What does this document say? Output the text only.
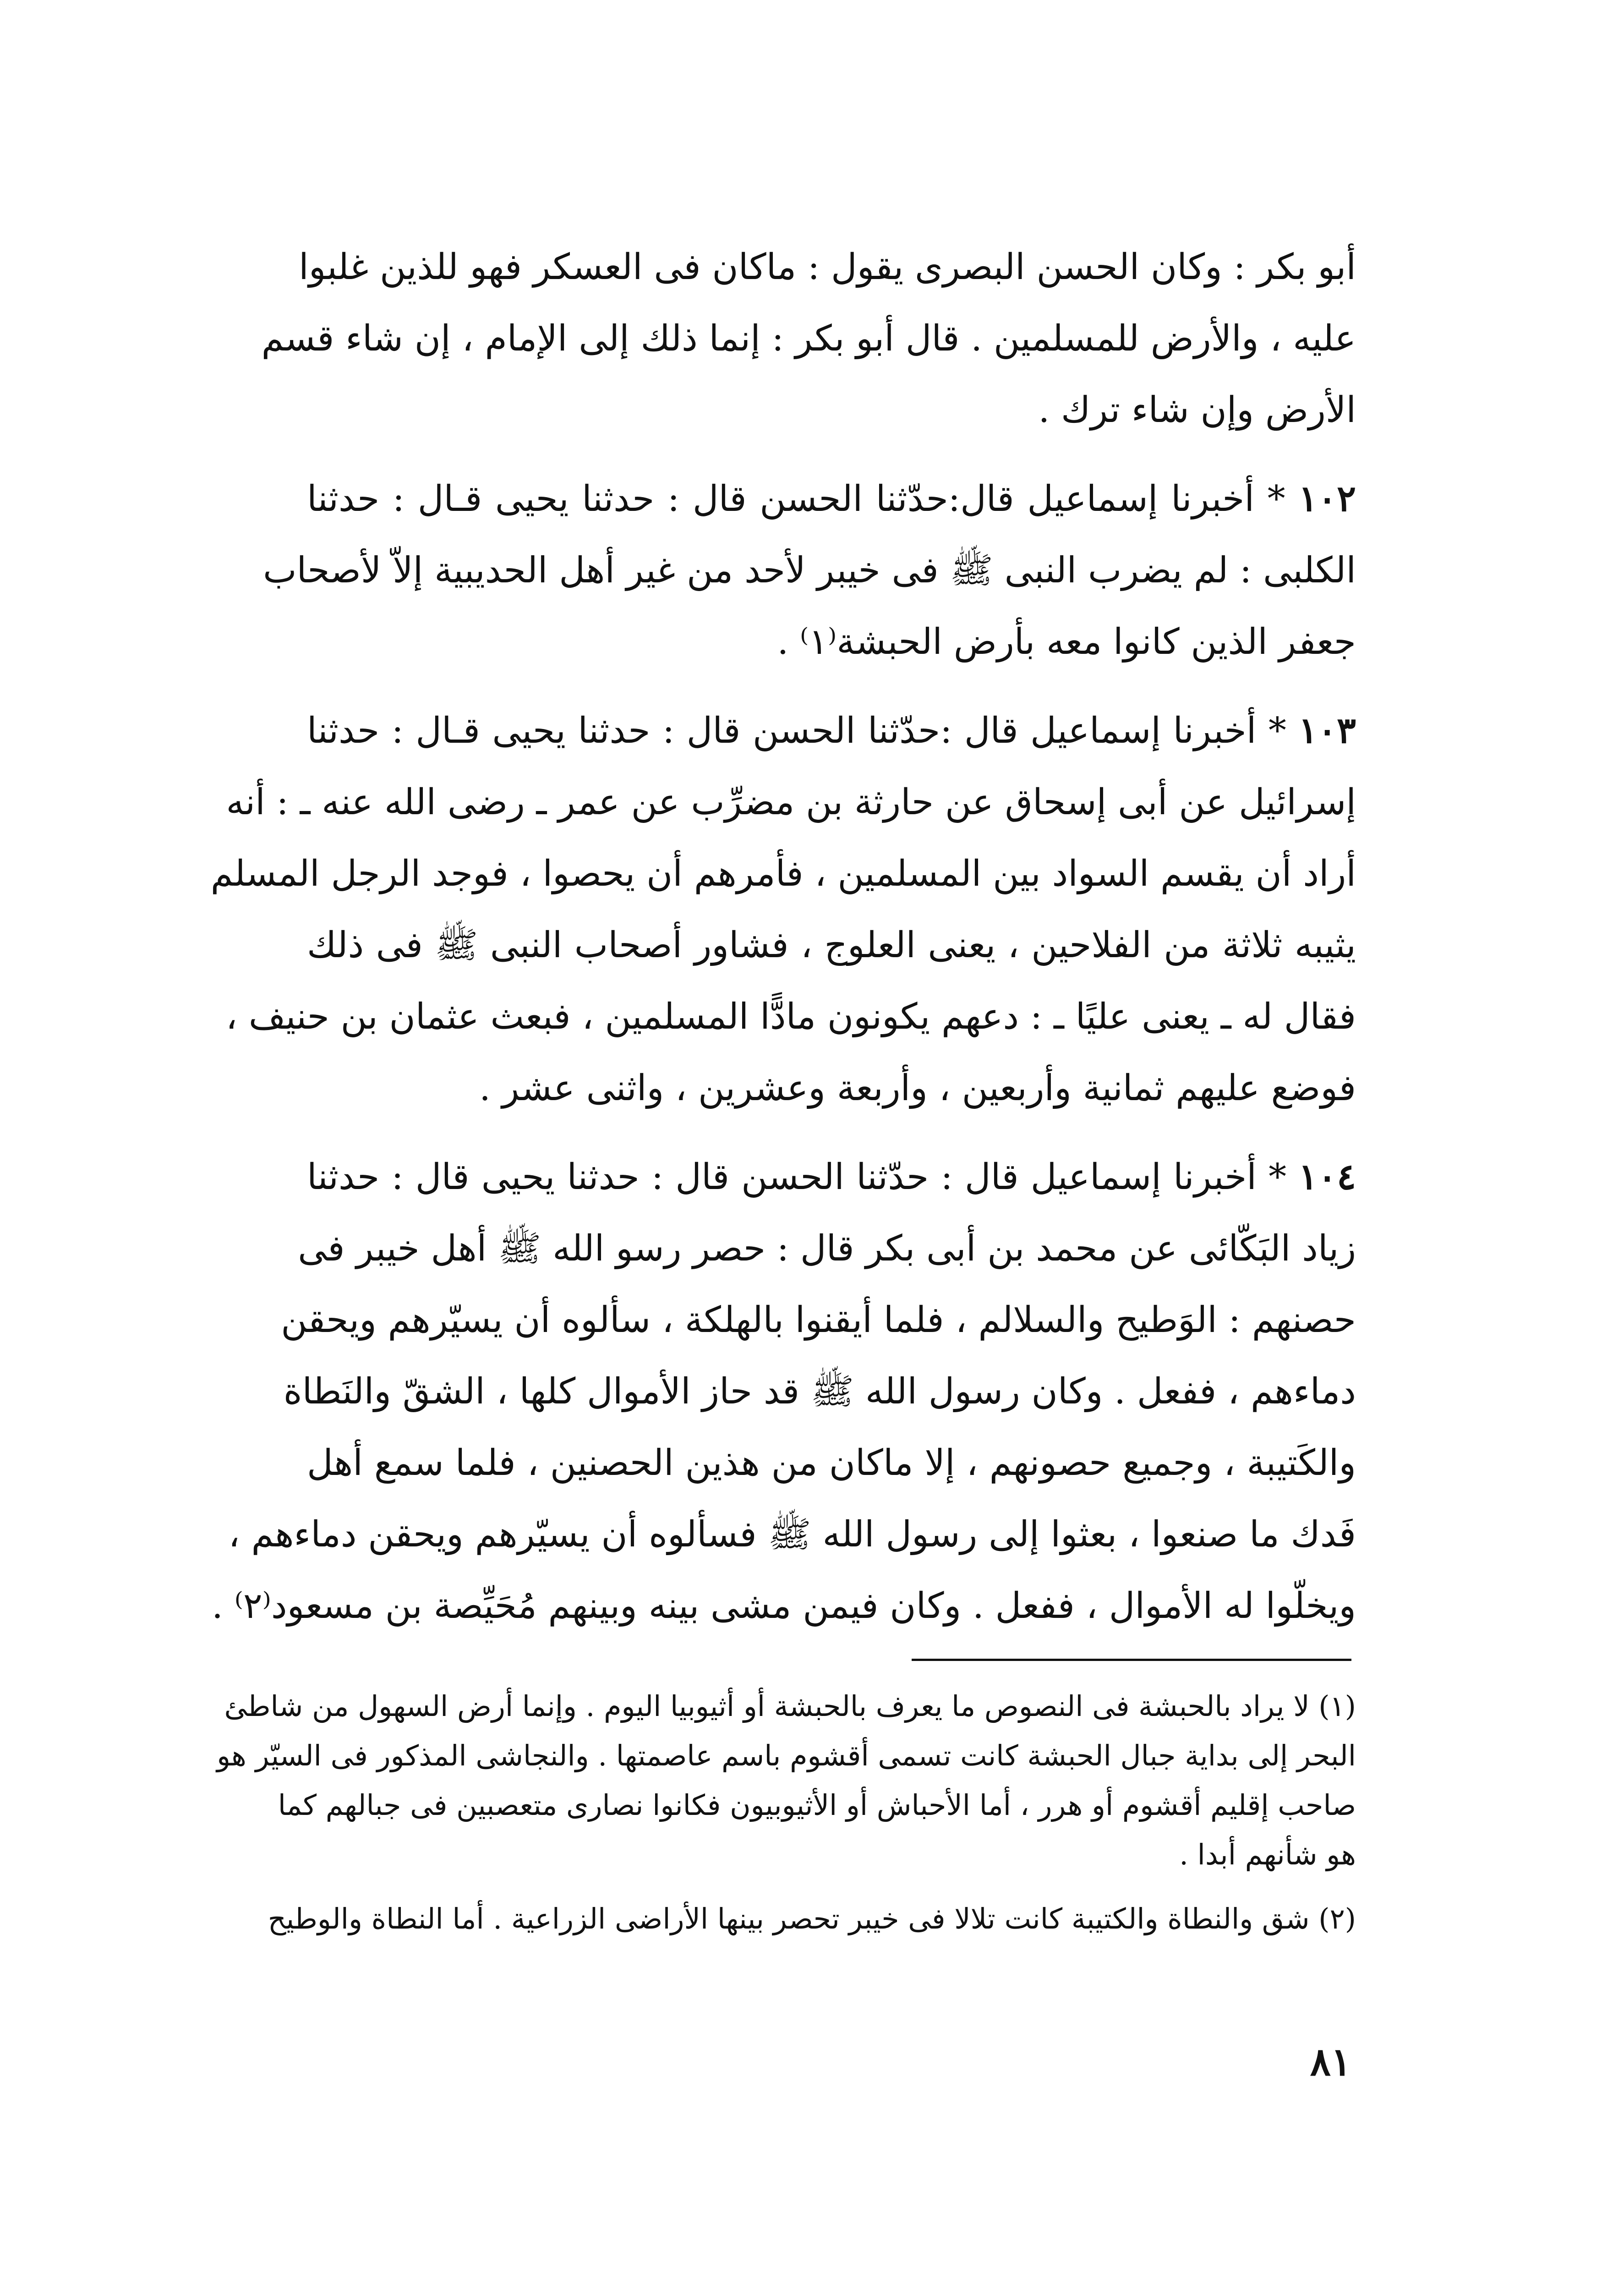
أبو بكر : وكان الحسن البصرى يقول : ماكان فى العسكر فهو للذين غلبوا
عليه ، والأرض للمسلمين . قال أبو بكر : إنما ذلك إلى الإمام ، إن شاء قسم
الأرض وإن شاء ترك .
١٠٢ * أخبرنا إسماعيل قال:حدّثنا الحسن قال : حدثنا يحيى قـال : حدثنا
الكلبى : لم يضرب النبى ﷺ فى خيبر لأحد من غير أهل الحديبية إلاّ لأصحاب
جعفر الذين كانوا معه بأرض الحبشة⁽١⁾ .
١٠٣ * أخبرنا إسماعيل قال :حدّثنا الحسن قال : حدثنا يحيى قـال : حدثنا
إسرائيل عن أبى إسحاق عن حارثة بن مضرِّب عن عمر ـ رضى الله عنه ـ : أنه
أراد أن يقسم السواد بين المسلمين ، فأمرهم أن يحصوا ، فوجد الرجل المسلم
يثيبه ثلاثة من الفلاحين ، يعنى العلوج ، فشاور أصحاب النبى ﷺ فى ذلك
فقال له ـ يعنى عليًا ـ : دعهم يكونون مادًّا المسلمين ، فبعث عثمان بن حنيف ،
فوضع عليهم ثمانية وأربعين ، وأربعة وعشرين ، واثنى عشر .
١٠٤ * أخبرنا إسماعيل قال : حدّثنا الحسن قال : حدثنا يحيى قال : حدثنا
زياد البَكّائى عن محمد بن أبى بكر قال : حصر رسو الله ﷺ أهل خيبر فى
حصنهم : الوَطيح والسلالم ، فلما أيقنوا بالهلكة ، سألوه أن يسيّرهم ويحقن
دماءهم ، ففعل . وكان رسول الله ﷺ قد حاز الأموال كلها ، الشقّ والنَطاة
والكَتيبة ، وجميع حصونهم ، إلا ماكان من هذين الحصنين ، فلما سمع أهل
فَدك ما صنعوا ، بعثوا إلى رسول الله ﷺ فسألوه أن يسيّرهم ويحقن دماءهم ،
ويخلّوا له الأموال ، ففعل . وكان فيمن مشى بينه وبينهم مُحَيِّصة بن مسعود⁽٢⁾ .
(١) لا يراد بالحبشة فى النصوص ما يعرف بالحبشة أو أثيوبيا اليوم . وإنما أرض السهول من شاطئ
البحر إلى بداية جبال الحبشة كانت تسمى أقشوم باسم عاصمتها . والنجاشى المذكور فى السيّر هو
صاحب إقليم أقشوم أو هرر ، أما الأحباش أو الأثيوبيون فكانوا نصارى متعصبين فى جبالهم كما
هو شأنهم أبدا .
(٢) شق والنطاة والكتيبة كانت تلالا فى خيبر تحصر بينها الأراضى الزراعية . أما النطاة والوطيح
٨١
